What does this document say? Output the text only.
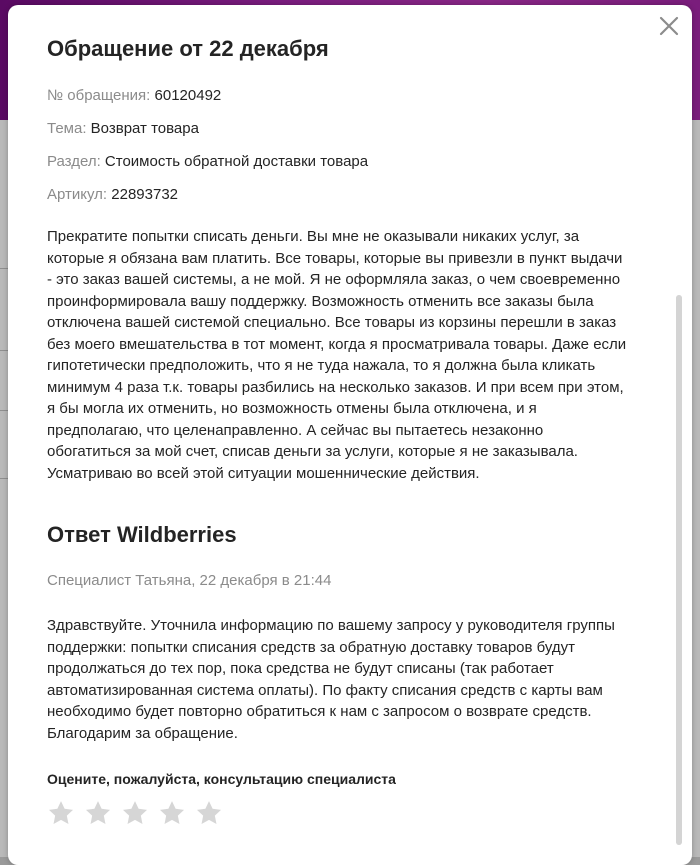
Обращение от 22 декабря
№ обращения: 60120492
Тема: Возврат товара
Раздел: Стоимость обратной доставки товара
Артикул: 22893732
Прекратите попытки списать деньги. Вы мне не оказывали никаких услуг, за
которые я обязана вам платить. Все товары, которые вы привезли в пункт выдачи
- это заказ вашей системы, а не мой. Я не оформляла заказ, о чем своевременно
проинформировала вашу поддержку. Возможность отменить все заказы была
отключена вашей системой специально. Все товары из корзины перешли в заказ
без моего вмешательства в тот момент, когда я просматривала товары. Даже если
гипотетически предположить, что я не туда нажала, то я должна была кликать
минимум 4 раза т.к. товары разбились на несколько заказов. И при всем при этом,
я бы могла их отменить, но возможность отмены была отключена, и я
предполагаю, что целенаправленно. А сейчас вы пытаетесь незаконно
обогатиться за мой счет, списав деньги за услуги, которые я не заказывала.
Усматриваю во всей этой ситуации мошеннические действия.
Ответ Wildberries
Специалист Татьяна, 22 декабря в 21:44
Здравствуйте. Уточнила информацию по вашему запросу у руководителя группы
поддержки: попытки списания средств за обратную доставку товаров будут
продолжаться до тех пор, пока средства не будут списаны (так работает
автоматизированная система оплаты). По факту списания средств с карты вам
необходимо будет повторно обратиться к нам с запросом о возврате средств.
Благодарим за обращение.
Оцените, пожалуйста, консультацию специалиста
